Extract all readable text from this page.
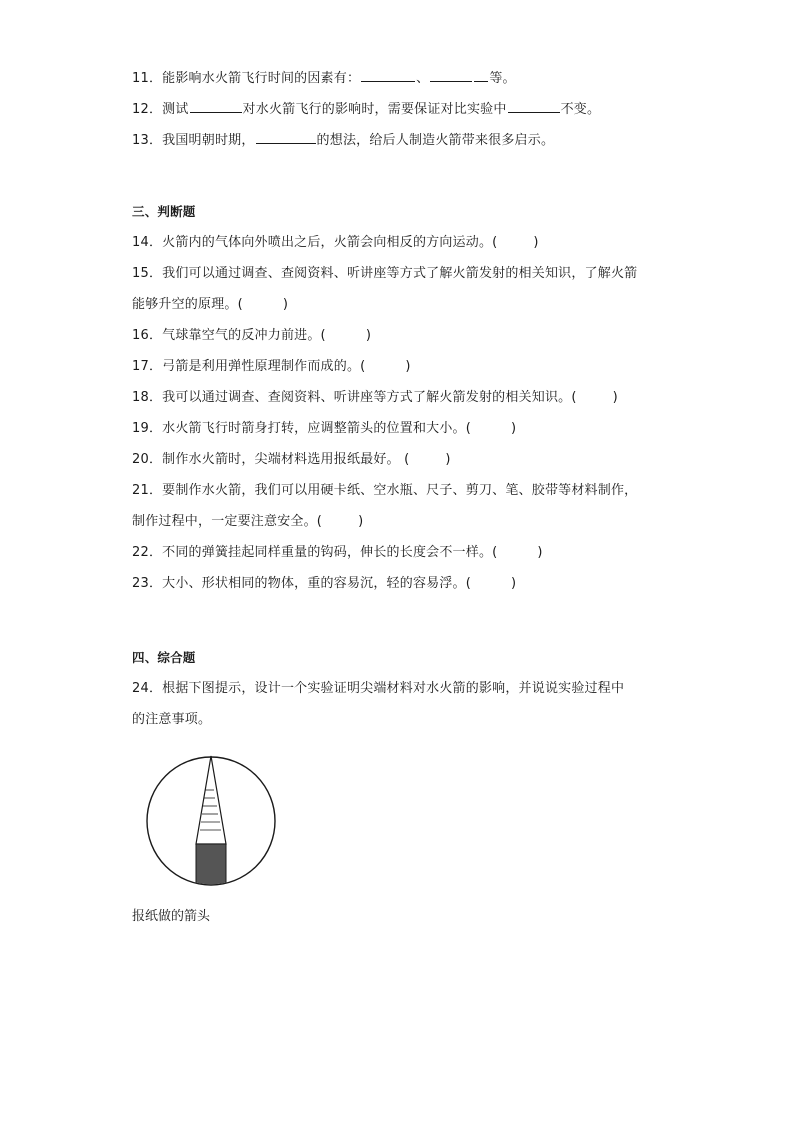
11．能影响水火箭飞行时间的因素有：	、	等。
12．测试	对水火箭飞行的影响时，需要保证对比实验中	不变。
13．我国明朝时期，	的想法，给后人制造火箭带来很多启示。
三、判断题
14．火箭内的气体向外喷出之后，火箭会向相反的方向运动。(	)
15．我们可以通过调查、查阅资料、听讲座等方式了解火箭发射的相关知识，了解火箭
能够升空的原理。(	)
16．气球靠空气的反冲力前进。(	)
17．弓箭是利用弹性原理制作而成的。(	)
18．我可以通过调查、查阅资料、听讲座等方式了解火箭发射的相关知识。(	)
19．水火箭飞行时箭身打转，应调整箭头的位置和大小。(	)
20．制作水火箭时，尖端材料选用报纸最好。 (	)
21．要制作水火箭，我们可以用硬卡纸、空水瓶、尺子、剪刀、笔、胶带等材料制作，
制作过程中，一定要注意安全。(	)
22．不同的弹簧挂起同样重量的钩码，伸长的长度会不一样。(	)
23．大小、形状相同的物体，重的容易沉，轻的容易浮。(	)
四、综合题
24．根据下图提示，设计一个实验证明尖端材料对水火箭的影响，并说说实验过程中
的注意事项。
报纸做的箭头
